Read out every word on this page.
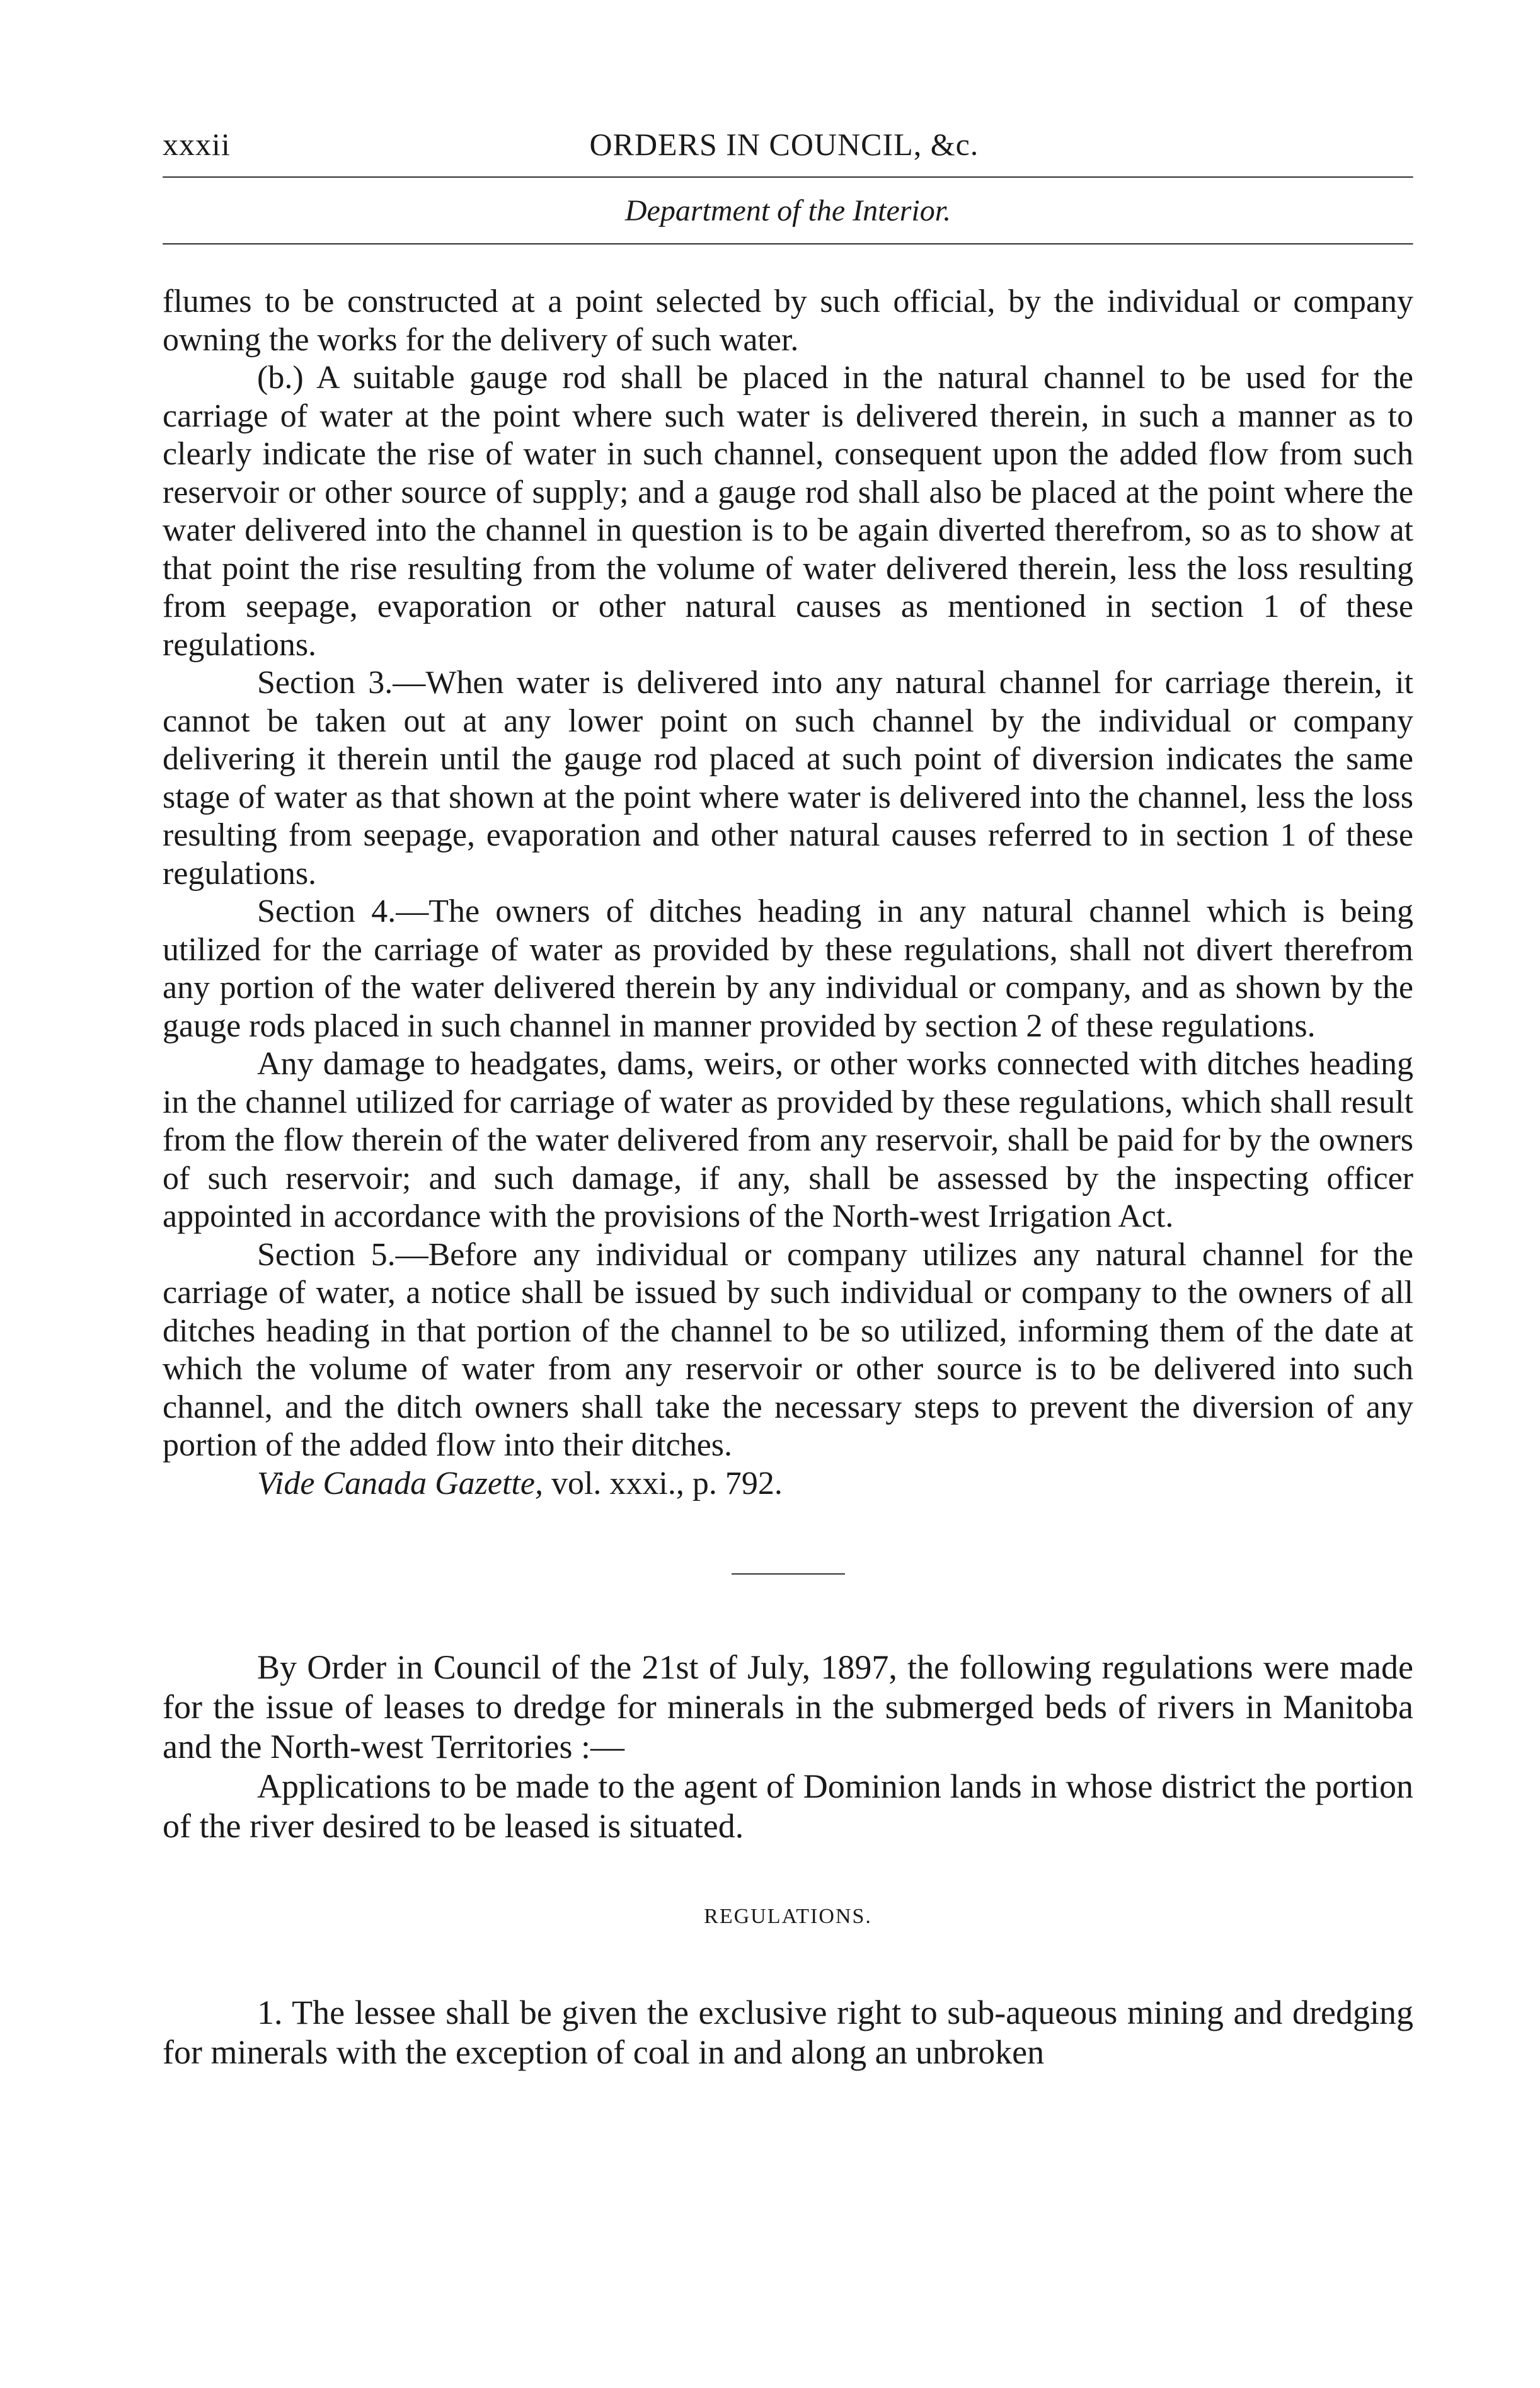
xxxii	ORDERS IN COUNCIL, &c.
Department of the Interior.

flumes to be constructed at a point selected by such official, by the individual or company owning the works for the delivery of such water.

(b.) A suitable gauge rod shall be placed in the natural channel to be used for the carriage of water at the point where such water is delivered therein, in such a manner as to clearly indicate the rise of water in such channel, consequent upon the added flow from such reservoir or other source of supply; and a gauge rod shall also be placed at the point where the water delivered into the channel in question is to be again diverted therefrom, so as to show at that point the rise resulting from the volume of water delivered therein, less the loss resulting from seepage, evaporation or other natural causes as mentioned in section 1 of these regulations.

Section 3.—When water is delivered into any natural channel for carriage therein, it cannot be taken out at any lower point on such channel by the individual or company delivering it therein until the gauge rod placed at such point of diversion indicates the same stage of water as that shown at the point where water is delivered into the channel, less the loss resulting from seepage, evaporation and other natural causes referred to in section 1 of these regulations.

Section 4.—The owners of ditches heading in any natural channel which is being utilized for the carriage of water as provided by these regulations, shall not divert therefrom any portion of the water delivered therein by any individual or company, and as shown by the gauge rods placed in such channel in manner provided by section 2 of these regulations.

Any damage to headgates, dams, weirs, or other works connected with ditches heading in the channel utilized for carriage of water as provided by these regulations, which shall result from the flow therein of the water delivered from any reservoir, shall be paid for by the owners of such reservoir; and such damage, if any, shall be assessed by the inspecting officer appointed in accordance with the provisions of the North-west Irrigation Act.

Section 5.—Before any individual or company utilizes any natural channel for the carriage of water, a notice shall be issued by such individual or company to the owners of all ditches heading in that portion of the channel to be so utilized, informing them of the date at which the volume of water from any reservoir or other source is to be delivered into such channel, and the ditch owners shall take the necessary steps to prevent the diversion of any portion of the added flow into their ditches.

Vide Canada Gazette, vol. xxxi., p. 792.

By Order in Council of the 21st of July, 1897, the following regulations were made for the issue of leases to dredge for minerals in the submerged beds of rivers in Manitoba and the North-west Territories :—

Applications to be made to the agent of Dominion lands in whose district the portion of the river desired to be leased is situated.

REGULATIONS.

1. The lessee shall be given the exclusive right to sub-aqueous mining and dredging for minerals with the exception of coal in and along an unbroken
